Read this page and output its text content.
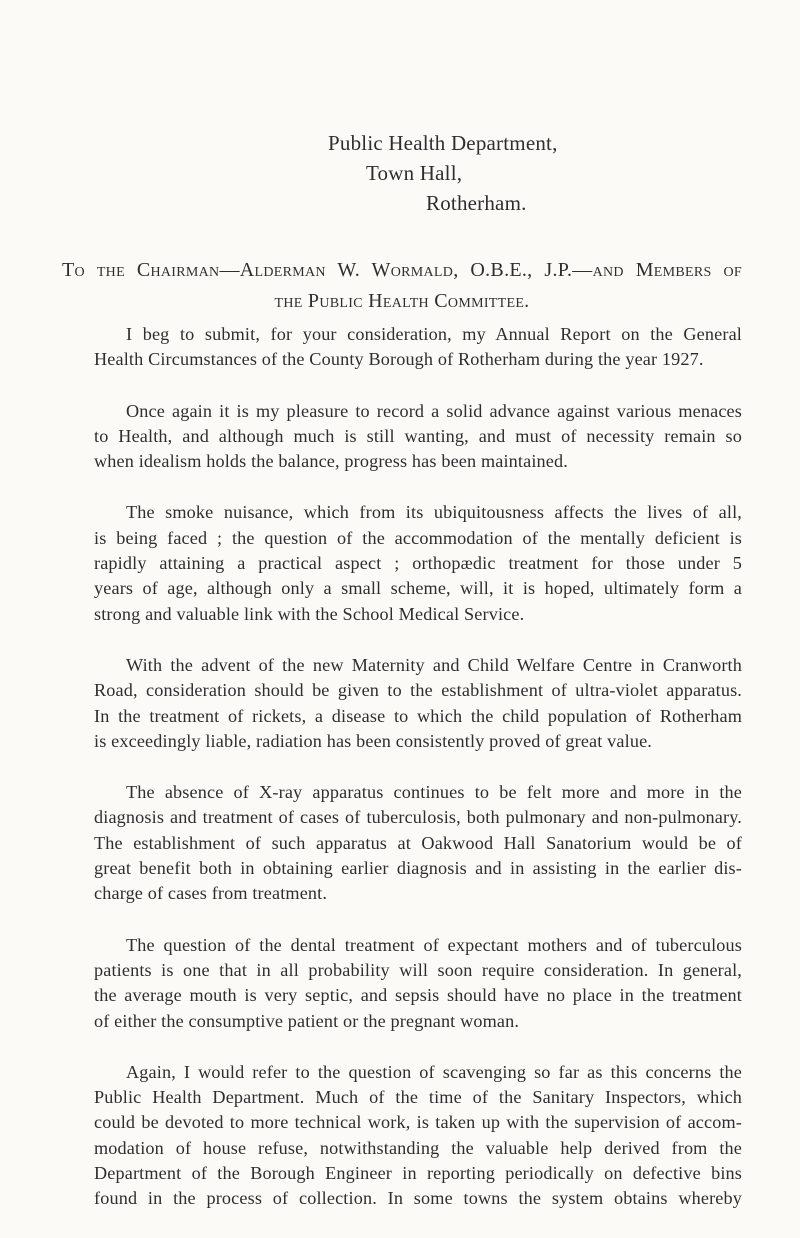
Public Health Department,
Town Hall,
Rotherham.
To the Chairman—Alderman W. Wormald, O.B.E., J.P.—and Members of
the Public Health Committee.

I beg to submit, for your consideration, my Annual Report on the General
Health Circumstances of the County Borough of Rotherham during the year 1927.

Once again it is my pleasure to record a solid advance against various menaces
to Health, and although much is still wanting, and must of necessity remain so
when idealism holds the balance, progress has been maintained.

The smoke nuisance, which from its ubiquitousness affects the lives of all,
is being faced ; the question of the accommodation of the mentally deficient is
rapidly attaining a practical aspect ; orthopædic treatment for those under 5
years of age, although only a small scheme, will, it is hoped, ultimately form a
strong and valuable link with the School Medical Service.

With the advent of the new Maternity and Child Welfare Centre in Cranworth
Road, consideration should be given to the establishment of ultra-violet apparatus.
In the treatment of rickets, a disease to which the child population of Rotherham
is exceedingly liable, radiation has been consistently proved of great value.

The absence of X-ray apparatus continues to be felt more and more in the
diagnosis and treatment of cases of tuberculosis, both pulmonary and non-pulmonary.
The establishment of such apparatus at Oakwood Hall Sanatorium would be of
great benefit both in obtaining earlier diagnosis and in assisting in the earlier dis-
charge of cases from treatment.

The question of the dental treatment of expectant mothers and of tuberculous
patients is one that in all probability will soon require consideration. In general,
the average mouth is very septic, and sepsis should have no place in the treatment
of either the consumptive patient or the pregnant woman.

Again, I would refer to the question of scavenging so far as this concerns the
Public Health Department. Much of the time of the Sanitary Inspectors, which
could be devoted to more technical work, is taken up with the supervision of accom-
modation of house refuse, notwithstanding the valuable help derived from the
Department of the Borough Engineer in reporting periodically on defective bins
found in the process of collection. In some towns the system obtains whereby
